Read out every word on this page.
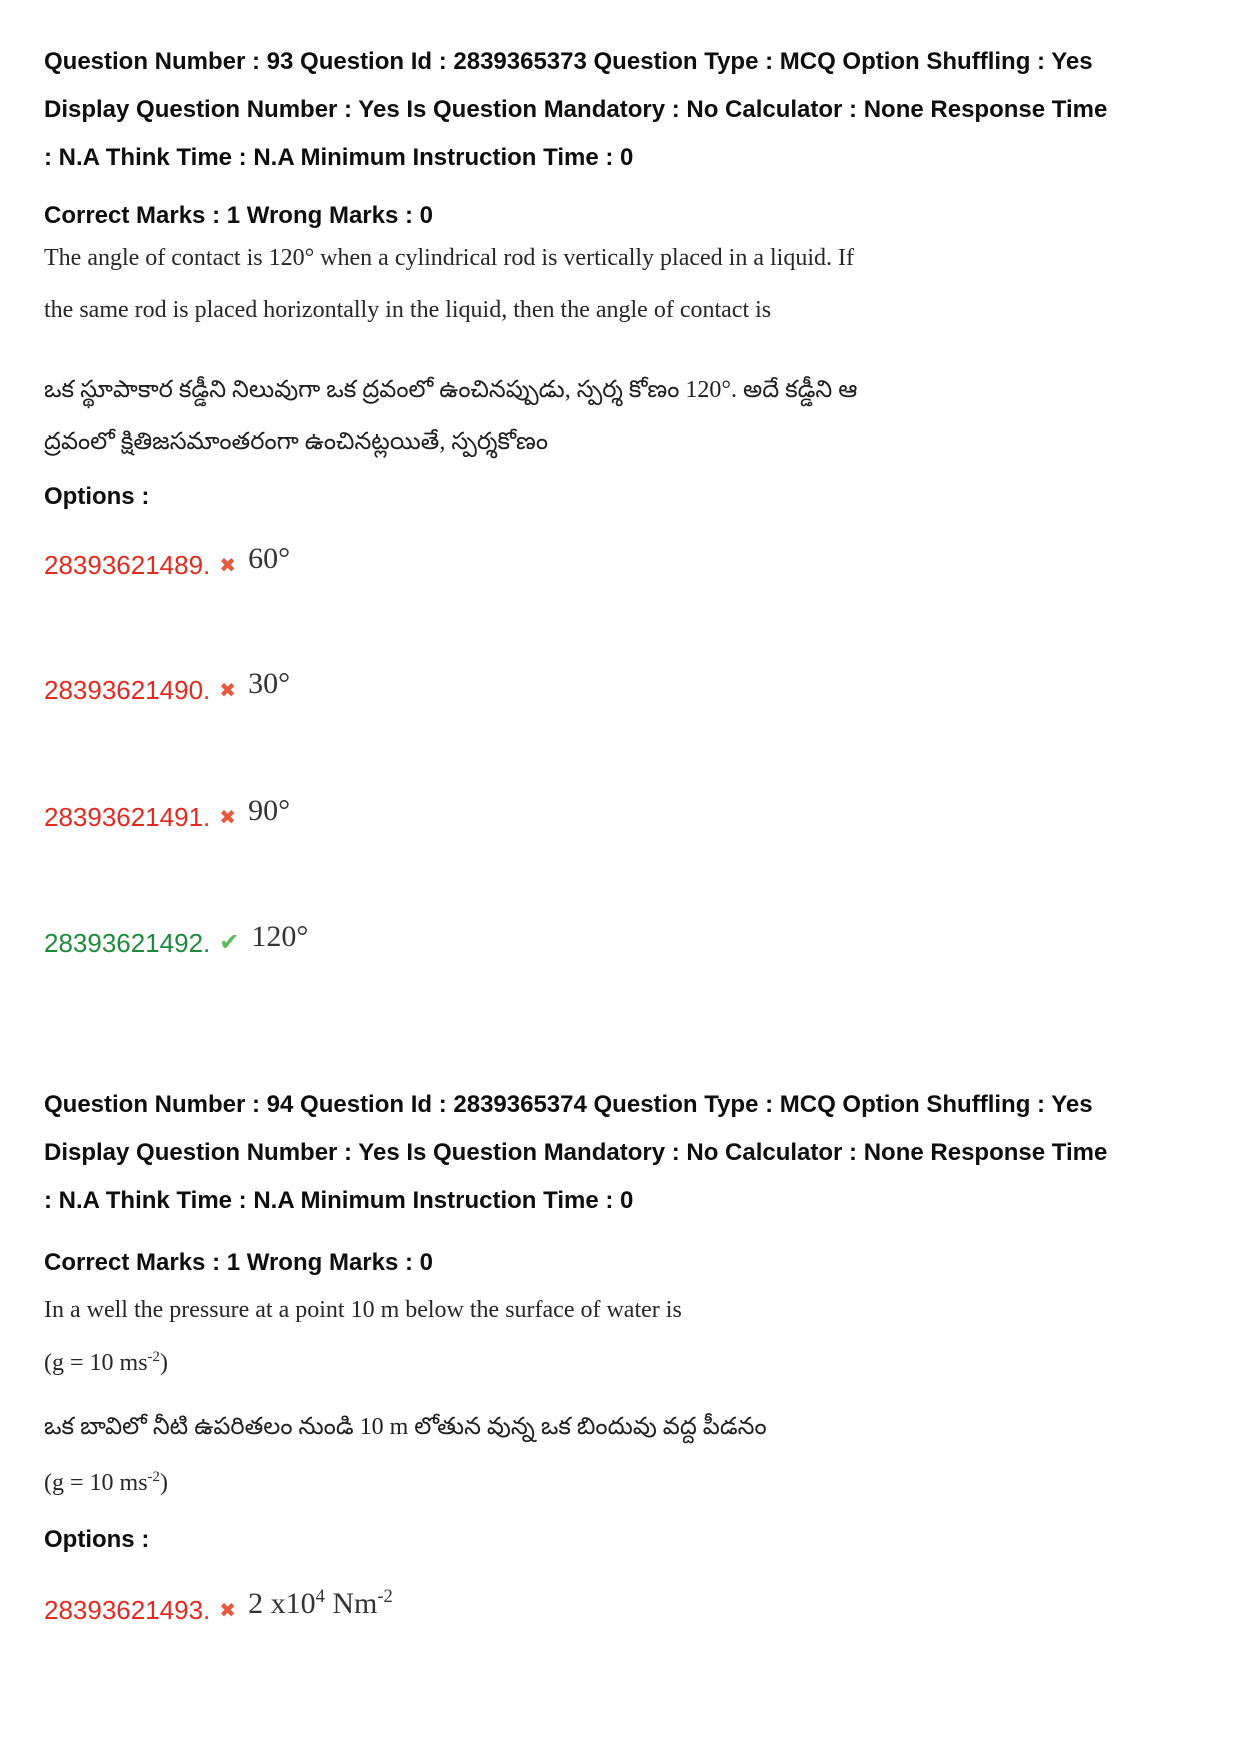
Question Number : 93 Question Id : 2839365373 Question Type : MCQ Option Shuffling : Yes
Display Question Number : Yes Is Question Mandatory : No Calculator : None Response Time
: N.A Think Time : N.A Minimum Instruction Time : 0
Correct Marks : 1 Wrong Marks : 0
The angle of contact is 120° when a cylindrical rod is vertically placed in a liquid. If
the same rod is placed horizontally in the liquid, then the angle of contact is
ఒక స్థూపాకార కడ్డీని నిలువుగా ఒక ద్రవంలో ఉంచినప్పుడు, స్పర్శ కోణం 120°. అదే కడ్డీని ఆ
ద్రవంలో క్షితిజసమాంతరంగా ఉంచినట్లయితే, స్పర్శకోణం
Options :
28393621489. ✖ 60°
28393621490. ✖ 30°
28393621491. ✖ 90°
28393621492. ✔ 120°
Question Number : 94 Question Id : 2839365374 Question Type : MCQ Option Shuffling : Yes
Display Question Number : Yes Is Question Mandatory : No Calculator : None Response Time
: N.A Think Time : N.A Minimum Instruction Time : 0
Correct Marks : 1 Wrong Marks : 0
In a well the pressure at a point 10 m below the surface of water is
(g = 10 $ms^{-2}$)
ఒక బావిలో నీటి ఉపరితలం నుండి 10 m లోతున వున్న ఒక బిందువు వద్ద పీడనం
(g = 10 $ms^{-2}$)
Options :
28393621493. ✖ 2 $x10^4$ $Nm^{-2}$
